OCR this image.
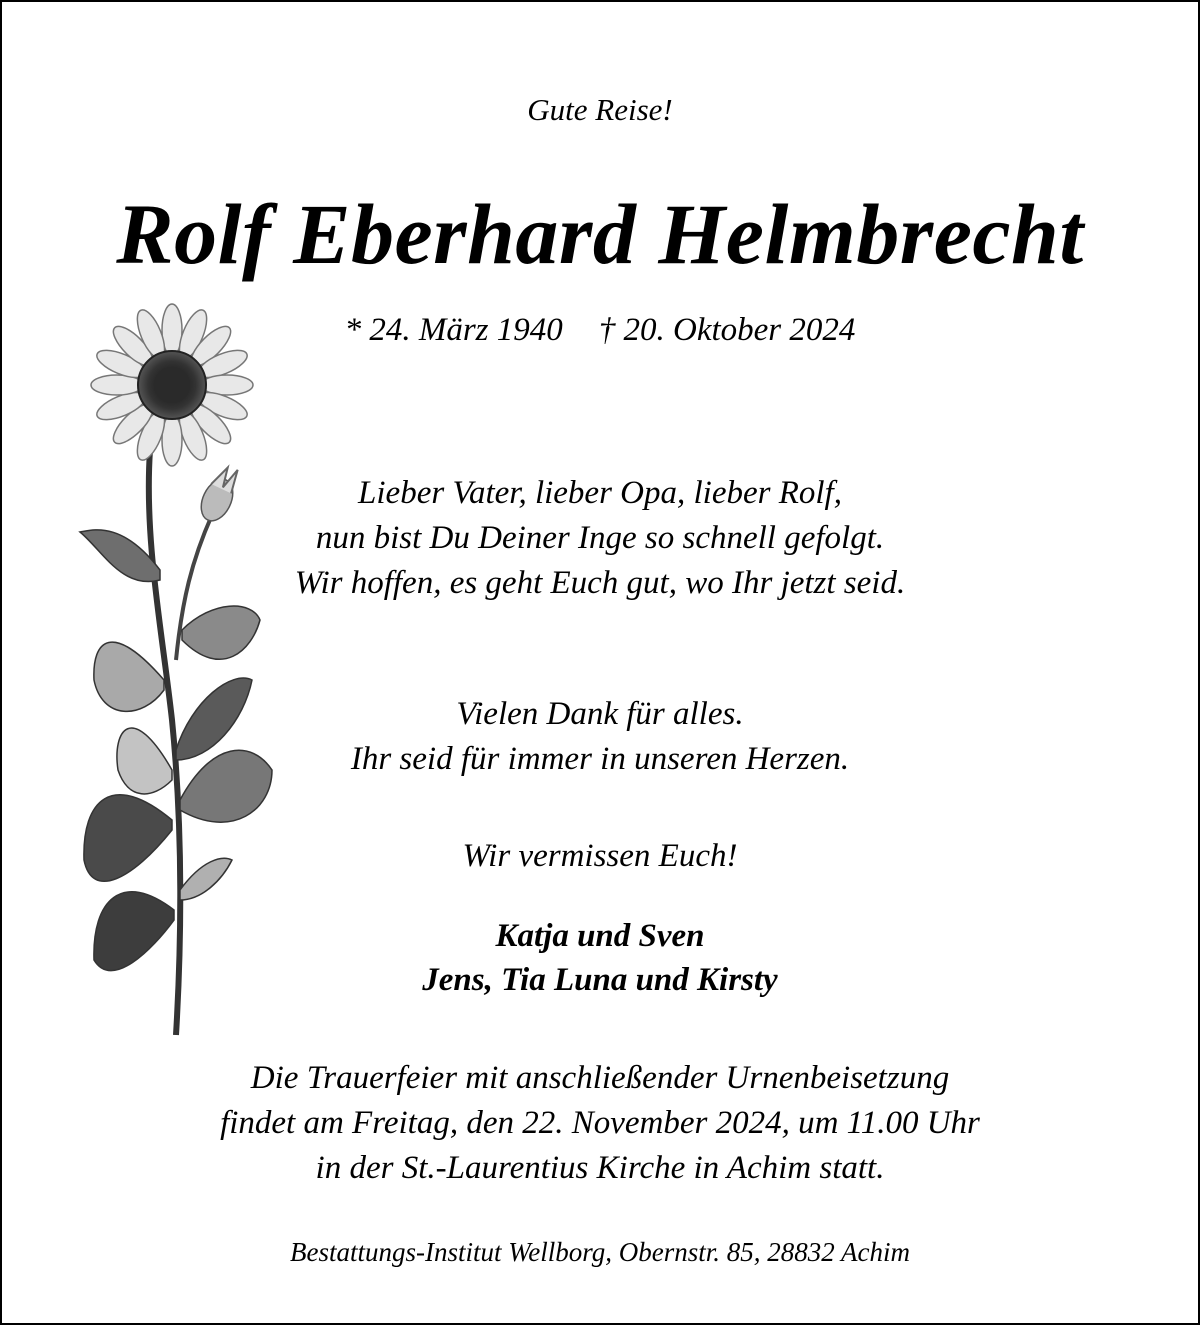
Gute Reise!
Rolf Eberhard Helmbrecht
* 24. März 1940 † 20. Oktober 2024
Lieber Vater, lieber Opa, lieber Rolf,
nun bist Du Deiner Inge so schnell gefolgt.
Wir hoffen, es geht Euch gut, wo Ihr jetzt seid.
Vielen Dank für alles.
Ihr seid für immer in unseren Herzen.
Wir vermissen Euch!
Katja und Sven
Jens, Tia Luna und Kirsty
Die Trauerfeier mit anschließender Urnenbeisetzung
findet am Freitag, den 22. November 2024, um 11.00 Uhr
in der St.-Laurentius Kirche in Achim statt.
Bestattungs-Institut Wellborg, Obernstr. 85, 28832 Achim
